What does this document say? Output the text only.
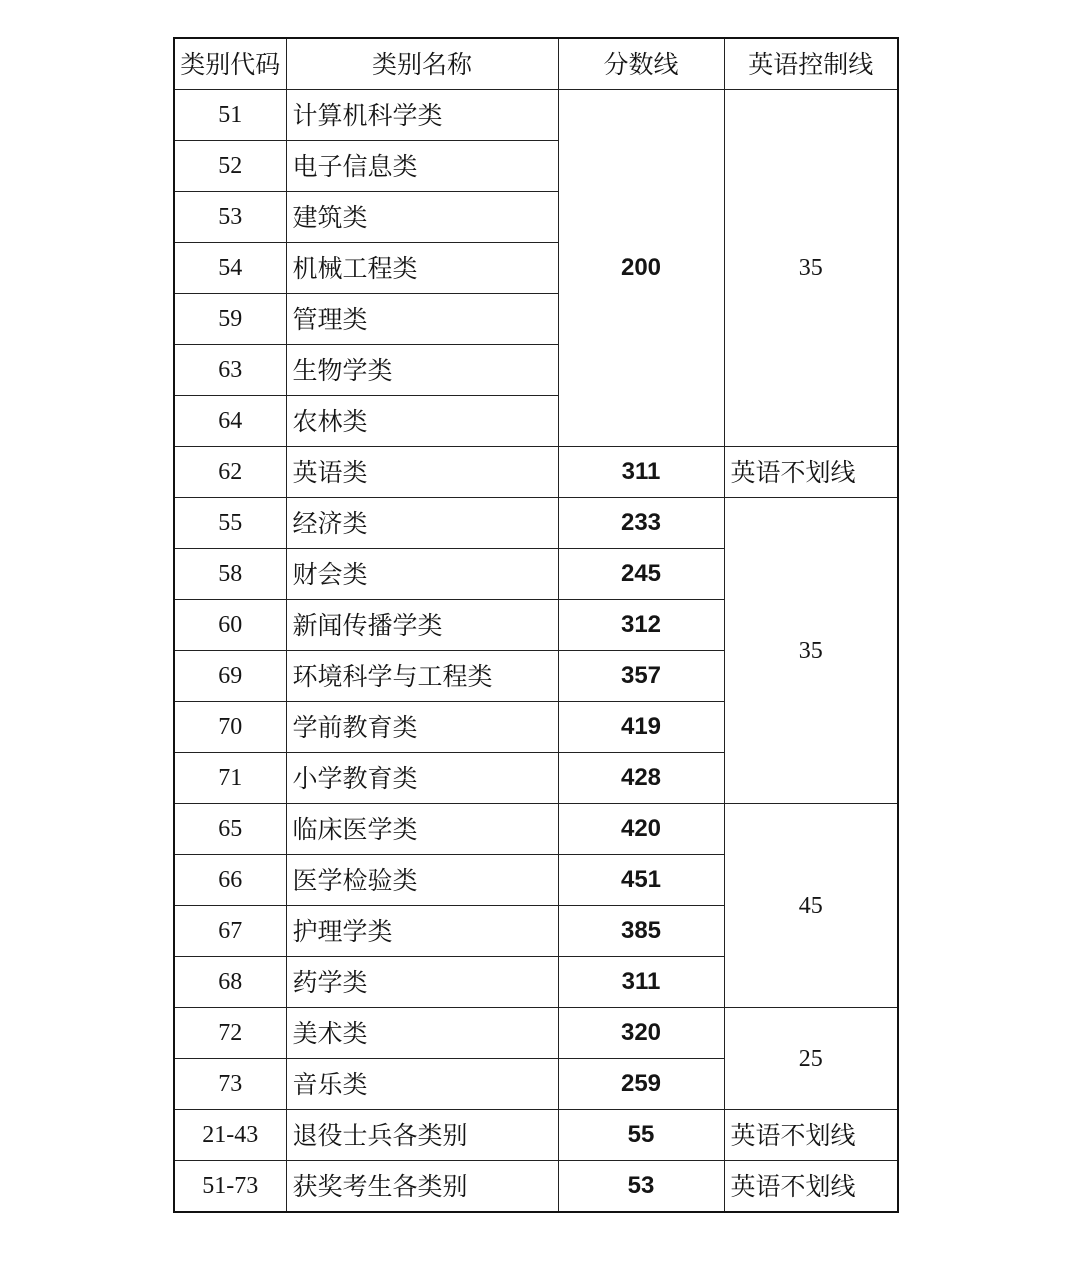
类别代码	类别名称	分数线	英语控制线
51	计算机科学类	200	35
52	电子信息类		
53	建筑类		
54	机械工程类		
59	管理类		
63	生物学类		
64	农林类		
62	英语类	311	英语不划线
55	经济类	233	35
58	财会类	245	
60	新闻传播学类	312	
69	环境科学与工程类	357	
70	学前教育类	419	
71	小学教育类	428	
65	临床医学类	420	45
66	医学检验类	451	
67	护理学类	385	
68	药学类	311	
72	美术类	320	25
73	音乐类	259	
21-43	退役士兵各类别	55	英语不划线
51-73	获奖考生各类别	53	英语不划线
